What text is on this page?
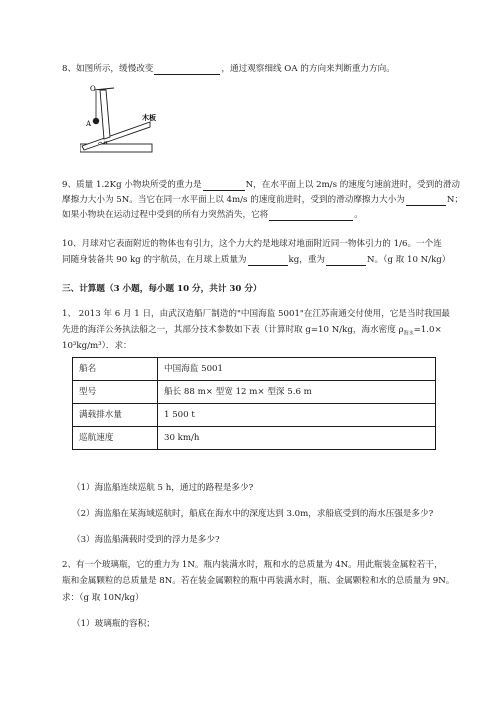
8、如图所示，缓慢改变	，通过观察细线 OA 的方向来判断重力方向。
O
A
α
木板
9、质量 1.2Kg 小物块所受的重力是	N，在水平面上以 2m/s 的速度匀速前进时，受到的滑动
摩擦力大小为 5N。当它在同一水平面上以 4m/s 的速度前进时，受到的滑动摩擦力大小为	N；
如果小物块在运动过程中受到的所有力突然消失，它将	。
10、月球对它表面附近的物体也有引力，这个力大约是地球对地面附近同一物体引力的 1/6。一个连
同随身装备共 90 kg 的宇航员，在月球上质量为	kg，重为	N。（g 取 10 N/kg）
三、计算题（3 小题，每小题 10 分，共计 30 分）
1、 2013 年 6 月 1 日，由武汉造船厂制造的"中国海监 5001"在江苏南通交付使用，它是当时我国最
先进的海洋公务执法船之一，其部分技术参数如下表（计算时取 g=10 N/kg，海水密度 $\rho_{海水}=1.0\times$
10³kg/m³）．求：
船名	中国海监 5001
型号	船长 88 m× 型宽 12 m× 型深 5.6 m
满载排水量	1 500 t
巡航速度	30 km/h
（1）海监船连续巡航 5 h，通过的路程是多少?
（2）海监船在某海域巡航时，船底在海水中的深度达到 3.0m，求船底受到的海水压强是多少?
（3）海监船满载时受到的浮力是多少?
2、有一个玻璃瓶，它的重力为 1N。瓶内装满水时，瓶和水的总质量为 4N。用此瓶装金属粒若干，
瓶和金属颗粒的总质量是 8N。若在装金属颗粒的瓶中再装满水时，瓶、金属颗粒和水的总质量为 9N。
求：（g 取 10N/kg）
（1）玻璃瓶的容积；
